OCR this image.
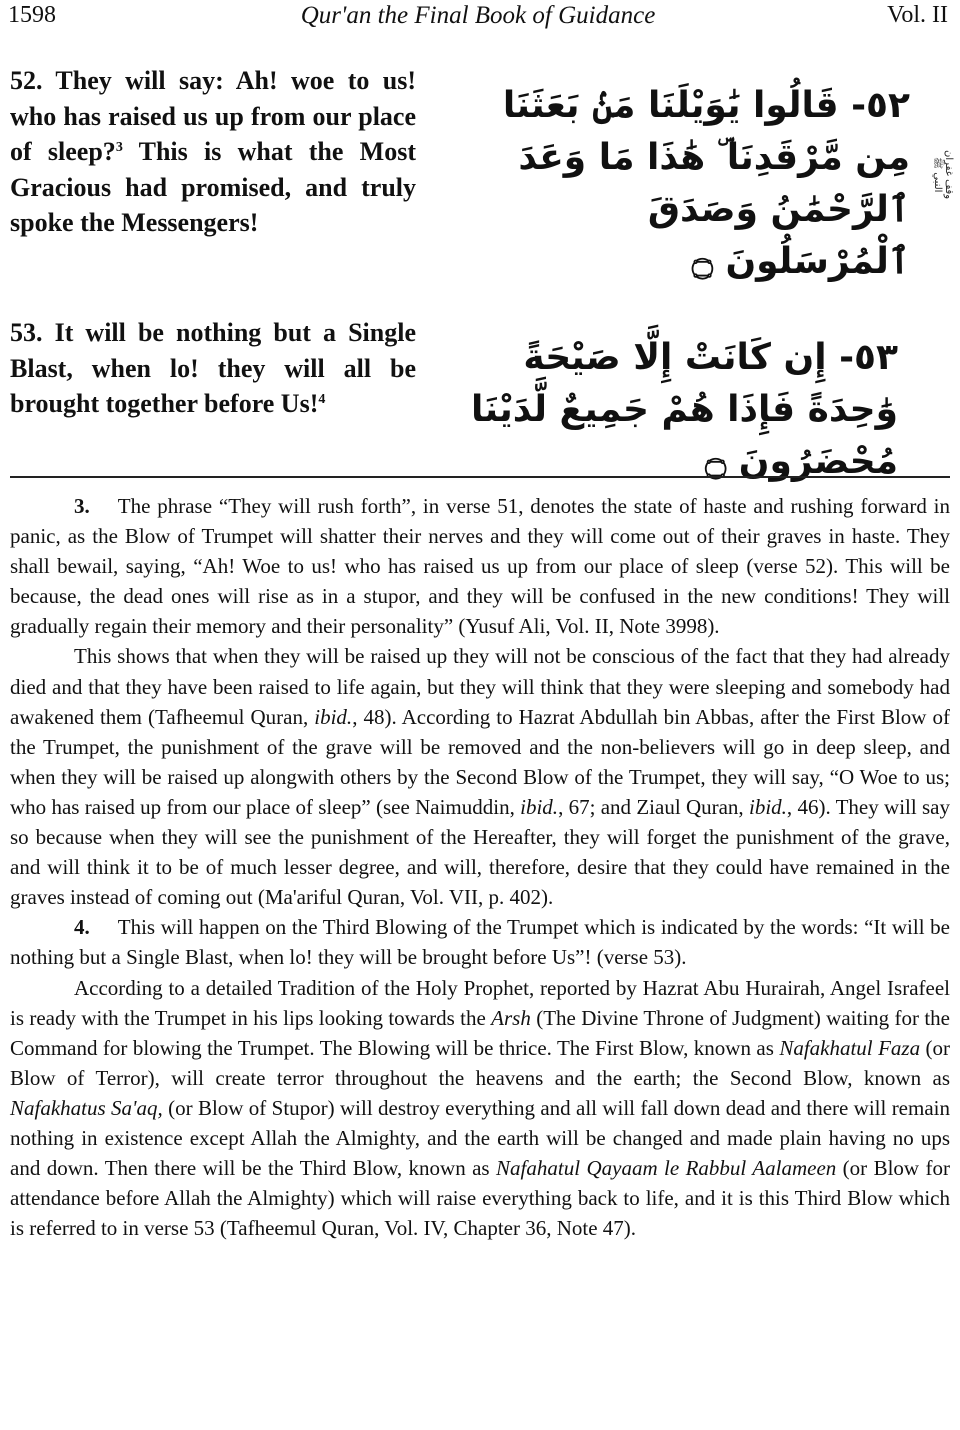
1598	Qur'an the Final Book of Guidance	Vol. II
52. They will say: Ah! woe to us! who has raised us up from our place of sleep?$^3$ This is what the Most Gracious had promised, and truly spoke the Messengers!
٥٢- قَالُوا يَٰوَيْلَنَا مَنۢ بَعَثَنَا مِن مَّرْقَدِنَا ۜ هَٰذَا مَا وَعَدَ ٱلرَّحْمَٰنُ وَصَدَقَ ٱلْمُرْسَلُونَ ۝
وقف غفران النبي ﷺ
53. It will be nothing but a Single Blast, when lo! they will all be brought together before Us!$^4$
٥٣- إِن كَانَتْ إِلَّا صَيْحَةً وَٰحِدَةً فَإِذَا هُمْ جَمِيعٌ لَّدَيْنَا مُحْضَرُونَ ۝

3. The phrase “They will rush forth”, in verse 51, denotes the state of haste and rushing forward in panic, as the Blow of Trumpet will shatter their nerves and they will come out of their graves in haste. They shall bewail, saying, “Ah! Woe to us! who has raised us up from our place of sleep (verse 52). This will be because, the dead ones will rise as in a stupor, and they will be confused in the new conditions! They will gradually regain their memory and their personality” (Yusuf Ali, Vol. II, Note 3998).

This shows that when they will be raised up they will not be conscious of the fact that they had already died and that they have been raised to life again, but they will think that they were sleeping and somebody had awakened them (Tafheemul Quran, ibid., 48). According to Hazrat Abdullah bin Abbas, after the First Blow of the Trumpet, the punishment of the grave will be removed and the non-believers will go in deep sleep, and when they will be raised up alongwith others by the Second Blow of the Trumpet, they will say, “O Woe to us; who has raised up from our place of sleep” (see Naimuddin, ibid., 67; and Ziaul Quran, ibid., 46). They will say so because when they will see the punishment of the Hereafter, they will forget the punishment of the grave, and will think it to be of much lesser degree, and will, therefore, desire that they could have remained in the graves instead of coming out (Ma'ariful Quran, Vol. VII, p. 402).

4. This will happen on the Third Blowing of the Trumpet which is indicated by the words: “It will be nothing but a Single Blast, when lo! they will be brought before Us”! (verse 53).

According to a detailed Tradition of the Holy Prophet, reported by Hazrat Abu Hurairah, Angel Israfeel is ready with the Trumpet in his lips looking towards the Arsh (The Divine Throne of Judgment) waiting for the Command for blowing the Trumpet. The Blowing will be thrice. The First Blow, known as Nafakhatul Faza (or Blow of Terror), will create terror throughout the heavens and the earth; the Second Blow, known as Nafakhatus Sa'aq, (or Blow of Stupor) will destroy everything and all will fall down dead and there will remain nothing in existence except Allah the Almighty, and the earth will be changed and made plain having no ups and down. Then there will be the Third Blow, known as Nafahatul Qayaam le Rabbul Aalameen (or Blow for attendance before Allah the Almighty) which will raise everything back to life, and it is this Third Blow which is referred to in verse 53 (Tafheemul Quran, Vol. IV, Chapter 36, Note 47).
